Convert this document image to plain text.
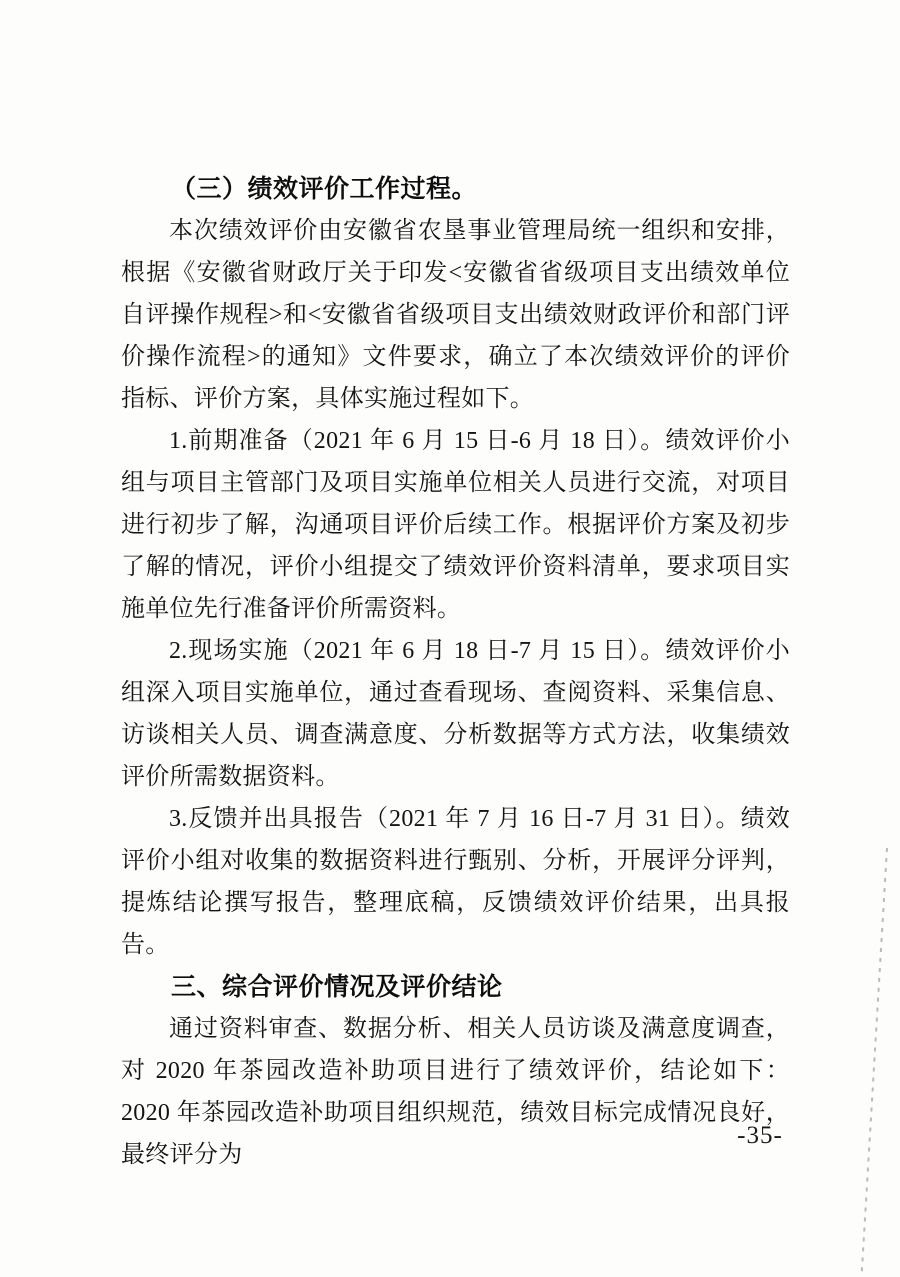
（三）绩效评价工作过程。

本次绩效评价由安徽省农垦事业管理局统一组织和安排，根据《安徽省财政厅关于印发<安徽省省级项目支出绩效单位自评操作规程>和<安徽省省级项目支出绩效财政评价和部门评价操作流程>的通知》文件要求，确立了本次绩效评价的评价指标、评价方案，具体实施过程如下。

1.前期准备（2021 年 6 月 15 日-6 月 18 日）。绩效评价小组与项目主管部门及项目实施单位相关人员进行交流，对项目进行初步了解，沟通项目评价后续工作。根据评价方案及初步了解的情况，评价小组提交了绩效评价资料清单，要求项目实施单位先行准备评价所需资料。

2.现场实施（2021 年 6 月 18 日-7 月 15 日）。绩效评价小组深入项目实施单位，通过查看现场、查阅资料、采集信息、访谈相关人员、调查满意度、分析数据等方式方法，收集绩效评价所需数据资料。

3.反馈并出具报告（2021 年 7 月 16 日-7 月 31 日）。绩效评价小组对收集的数据资料进行甄别、分析，开展评分评判，提炼结论撰写报告，整理底稿，反馈绩效评价结果，出具报告。

三、综合评价情况及评价结论

通过资料审查、数据分析、相关人员访谈及满意度调查，对 2020 年茶园改造补助项目进行了绩效评价，结论如下：2020 年茶园改造补助项目组织规范，绩效目标完成情况良好，最终评分为

-35-
